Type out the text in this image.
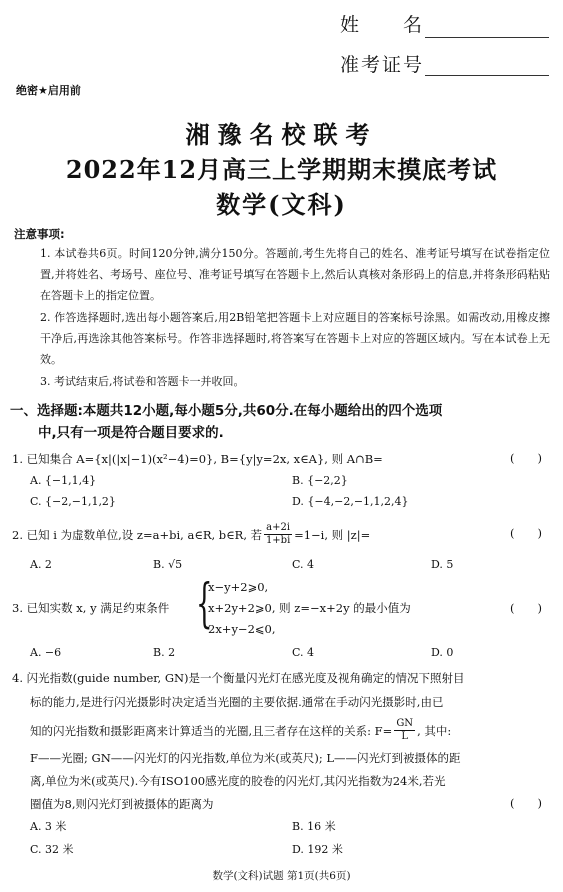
姓　　名
准考证号
绝密★启用前
湘豫名校联考
2022年12月高三上学期期末摸底考试
数学(文科)
注意事项:
1. 本试卷共6页。时间120分钟,满分150分。答题前,考生先将自己的姓名、准考证号填写在试卷指定位置,并将姓名、考场号、座位号、准考证号填写在答题卡上,然后认真核对条形码上的信息,并将条形码粘贴在答题卡上的指定位置。
2. 作答选择题时,选出每小题答案后,用2B铅笔把答题卡上对应题目的答案标号涂黑。如需改动,用橡皮擦干净后,再选涂其他答案标号。作答非选择题时,将答案写在答题卡上对应的答题区域内。写在本试卷上无效。
3. 考试结束后,将试卷和答题卡一并收回。
一、选择题:本题共12小题,每小题5分,共60分.在每小题给出的四个选项
中,只有一项是符合题目要求的.
1. 已知集合 A={x|(|x|−1)(x²−4)=0}, B={y|y=2x, x∈A}, 则 A∩B=	(　　)
A. {−1,1,4}	B. {−2,2}
C. {−2,−1,1,2}	D. {−4,−2,−1,1,2,4}
2. 已知 i 为虚数单位,设 z=a+bi, a∈R, b∈R, 若 $\frac{a+2i}{1+bi} =1-i$, 则 |z|=	(　　)
A. 2	B. √5	C. 4	D. 5
3. 已知实数 x, y 满足约束条件 {
x−y+2⩾0,
x+2y+2⩾0, 则 z=−x+2y 的最小值为
2x+y−2⩽0,
(　　)
A. −6	B. 2	C. 4	D. 0
4. 闪光指数(guide number, GN)是一个衡量闪光灯在感光度及视角确定的情况下照射目
标的能力,是进行闪光摄影时决定适当光圈的主要依据.通常在手动闪光摄影时,由已
知的闪光指数和摄影距离来计算适当的光圈,且三者存在这样的关系: $F= \frac{GN}{L}$ , 其中:
F——光圈; GN——闪光灯的闪光指数,单位为米(或英尺); L——闪光灯到被摄体的距
离,单位为米(或英尺).今有ISO100感光度的胶卷的闪光灯,其闪光指数为24米,若光
圈值为8,则闪光灯到被摄体的距离为	(　　)
A. 3 米	B. 16 米
C. 32 米	D. 192 米
数学(文科)试题 第1页(共6页)
